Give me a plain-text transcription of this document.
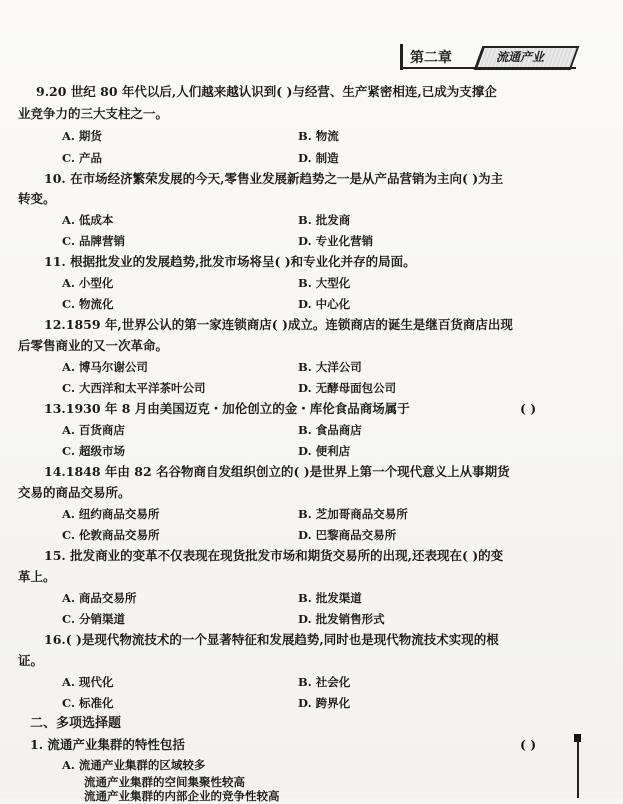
第二章	流通产业
9.20 世纪 80 年代以后,人们越来越认识到( )与经营、生产紧密相连,已成为支撑企
业竞争力的三大支柱之一。
A. 期货	B. 物流
C. 产品	D. 制造
10. 在市场经济繁荣发展的今天,零售业发展新趋势之一是从产品营销为主向( )为主
转变。
A. 低成本	B. 批发商
C. 品牌营销	D. 专业化营销
11. 根据批发业的发展趋势,批发市场将呈( )和专业化并存的局面。
A. 小型化	B. 大型化
C. 物流化	D. 中心化
12.1859 年,世界公认的第一家连锁商店( )成立。连锁商店的诞生是继百货商店出现
后零售商业的又一次革命。
A. 博马尔谢公司	B. 大洋公司
C. 大西洋和太平洋茶叶公司	D. 无酵母面包公司
13.1930 年 8 月由美国迈克・加伦创立的金・库伦食品商场属于	( )
A. 百货商店	B. 食品商店
C. 超级市场	D. 便利店
14.1848 年由 82 名谷物商自发组织创立的( )是世界上第一个现代意义上从事期货
交易的商品交易所。
A. 纽约商品交易所	B. 芝加哥商品交易所
C. 伦敦商品交易所	D. 巴黎商品交易所
15. 批发商业的变革不仅表现在现货批发市场和期货交易所的出现,还表现在( )的变
革上。
A. 商品交易所	B. 批发渠道
C. 分销渠道	D. 批发销售形式
16.( )是现代物流技术的一个显著特征和发展趋势,同时也是现代物流技术实现的根
证。
A. 现代化	B. 社会化
C. 标准化	D. 跨界化
二、多项选择题
1. 流通产业集群的特性包括	( )
A. 流通产业集群的区域较多
流通产业集群的空间集聚性较高
流通产业集群的内部企业的竞争性较高
